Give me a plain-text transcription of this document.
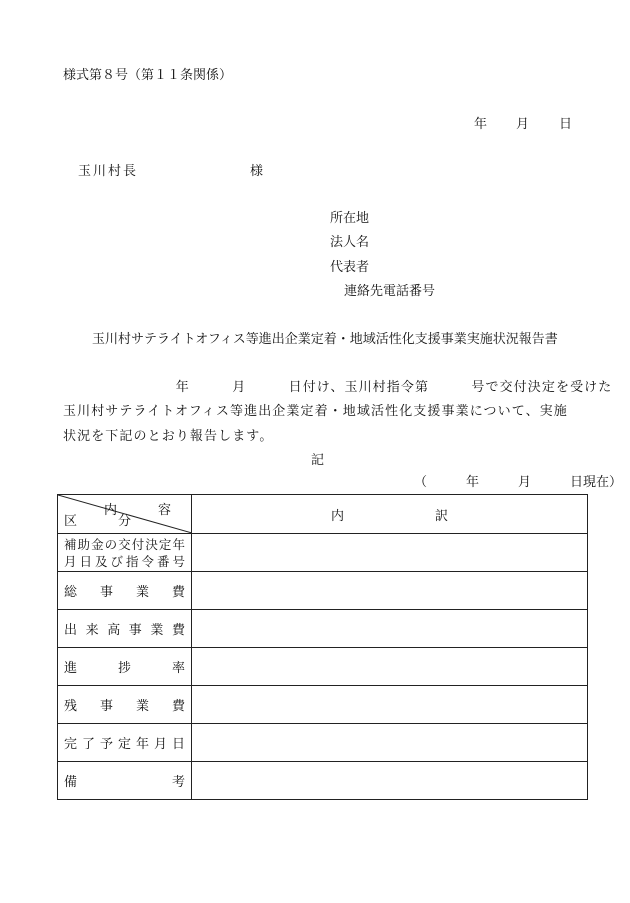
様式第８号（第１１条関係）
年 月 日
玉川村長	様
所在地
法人名
代表者
連絡先電話番号
玉川村サテライトオフィス等進出企業定着・地域活性化支援事業実施状況報告書
　　　　　　　　年　　　月　　　日付け、玉川村指令第　　　号で交付決定を受けた
玉川村サテライトオフィス等進出企業定着・地域活性化支援事業について、実施
状況を下記のとおり報告します。
記
（　　　年　　　月　　　日現在）
内　容
区　分	内　　　　　　　訳

補助金の交付決定年
月日及び指令番号	

総事業費	

出来高事業費	

進捗率	

残事業費	

完了予定年月日	

備考	
